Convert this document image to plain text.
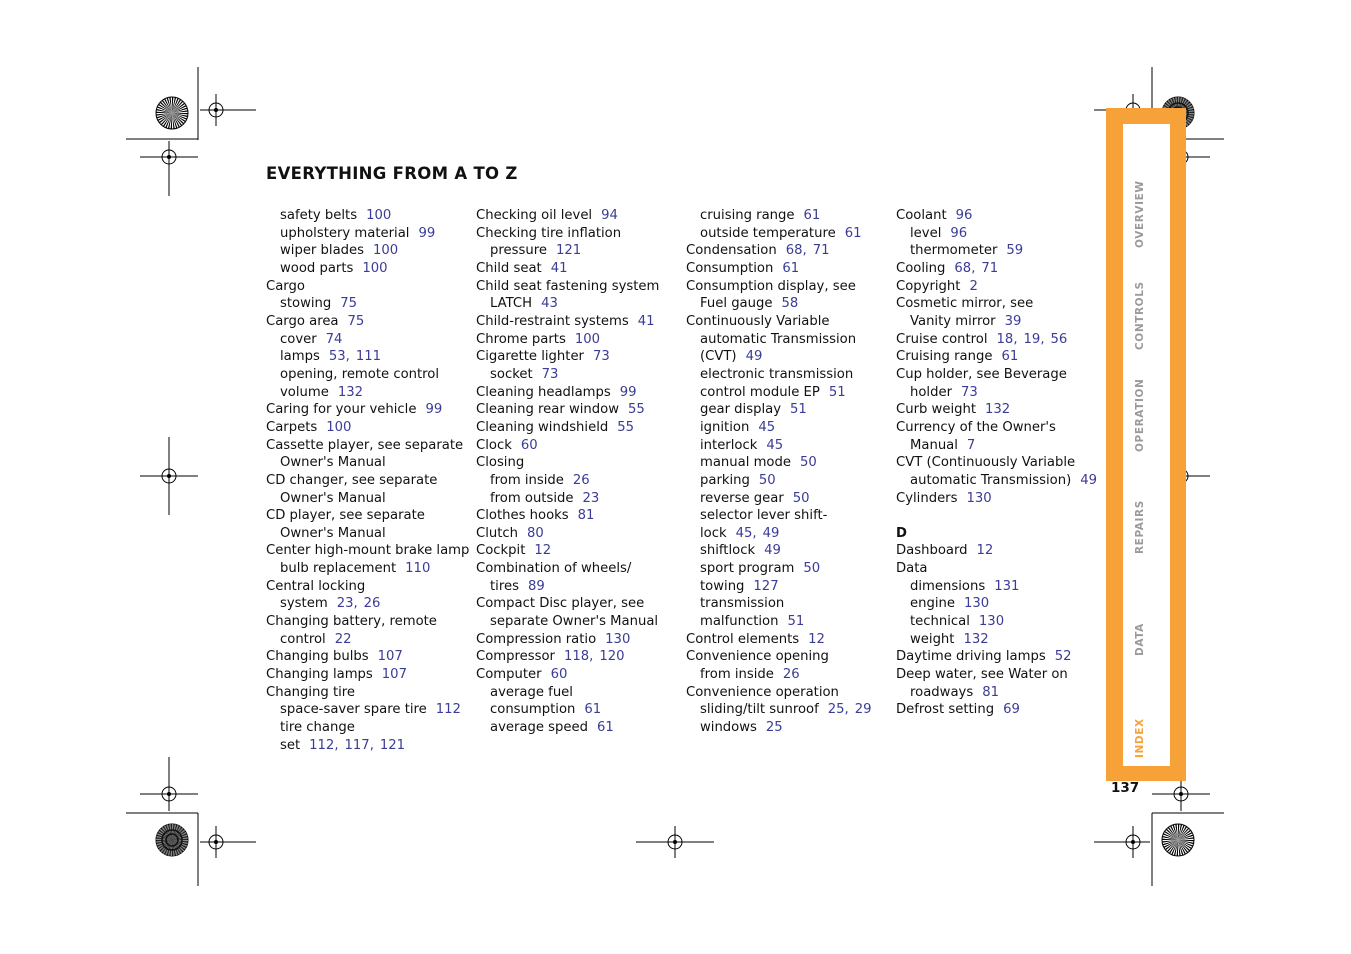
EVERYTHING FROM A TO Z
safety belts 100
upholstery material 99
wiper blades 100
wood parts 100
Cargo
stowing 75
Cargo area 75
cover 74
lamps 53, 111
opening, remote control
volume 132
Caring for your vehicle 99
Carpets 100
Cassette player, see separate
Owner's Manual
CD changer, see separate
Owner's Manual
CD player, see separate
Owner's Manual
Center high-mount brake lamp
bulb replacement 110
Central locking
system 23, 26
Changing battery, remote
control 22
Changing bulbs 107
Changing lamps 107
Changing tire
space-saver spare tire 112
tire change
set 112, 117, 121
Checking oil level 94
Checking tire inflation
pressure 121
Child seat 41
Child seat fastening system
LATCH 43
Child-restraint systems 41
Chrome parts 100
Cigarette lighter 73
socket 73
Cleaning headlamps 99
Cleaning rear window 55
Cleaning windshield 55
Clock 60
Closing
from inside 26
from outside 23
Clothes hooks 81
Clutch 80
Cockpit 12
Combination of wheels/
tires 89
Compact Disc player, see
separate Owner's Manual
Compression ratio 130
Compressor 118, 120
Computer 60
average fuel
consumption 61
average speed 61
cruising range 61
outside temperature 61
Condensation 68, 71
Consumption 61
Consumption display, see
Fuel gauge 58
Continuously Variable
automatic Transmission
(CVT) 49
electronic transmission
control module EP 51
gear display 51
ignition 45
interlock 45
manual mode 50
parking 50
reverse gear 50
selector lever shift-
lock 45, 49
shiftlock 49
sport program 50
towing 127
transmission
malfunction 51
Control elements 12
Convenience opening
from inside 26
Convenience operation
sliding/tilt sunroof 25, 29
windows 25
Coolant 96
level 96
thermometer 59
Cooling 68, 71
Copyright 2
Cosmetic mirror, see
Vanity mirror 39
Cruise control 18, 19, 56
Cruising range 61
Cup holder, see Beverage
holder 73
Curb weight 132
Currency of the Owner's
Manual 7
CVT (Continuously Variable
automatic Transmission) 49
Cylinders 130
D
Dashboard 12
Data
dimensions 131
engine 130
technical 130
weight 132
Daytime driving lamps 52
Deep water, see Water on
roadways 81
Defrost setting 69
OVERVIEW
CONTROLS
OPERATION
REPAIRS
DATA
INDEX
137
